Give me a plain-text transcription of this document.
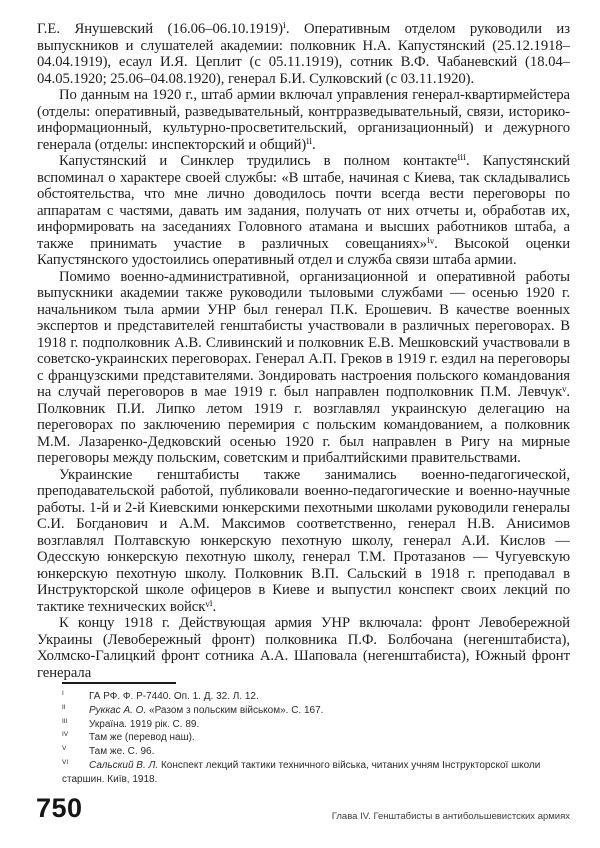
Г.Е. Янушевский (16.06–06.10.1919)ⁱ. Оперативным отделом руководили из выпускников и слушателей академии: полковник Н.А. Капустянский (25.12.1918–04.04.1919), есаул И.Я. Цеплит (с 05.11.1919), сотник В.Ф. Чабаневский (18.04–04.05.1920; 25.06–04.08.1920), генерал Б.И. Сулковский (с 03.11.1920).

По данным на 1920 г., штаб армии включал управления генерал-квартирмейстера (отделы: оперативный, разведывательный, контрразведывательный, связи, историко-информационный, культурно-просветительский, организационный) и дежурного генерала (отделы: инспекторский и общий)ⁱⁱ.

Капустянский и Синклер трудились в полном контактеⁱⁱⁱ. Капустянский вспоминал о характере своей службы: «В штабе, начиная с Киева, так складывались обстоятельства, что мне лично доводилось почти всегда вести переговоры по аппаратам с частями, давать им задания, получать от них отчеты и, обработав их, информировать на заседаниях Головного атамана и высших работников штаба, а также принимать участие в различных совещаниях»ⁱᵛ. Высокой оценки Капустянского удостоились оперативный отдел и служба связи штаба армии.

Помимо военно-административной, организационной и оперативной работы выпускники академии также руководили тыловыми службами — осенью 1920 г. начальником тыла армии УНР был генерал П.К. Ерошевич. В качестве военных экспертов и представителей генштабисты участвовали в различных переговорах. В 1918 г. подполковник А.В. Сливинский и полковник Е.В. Мешковский участвовали в советско-украинских переговорах. Генерал А.П. Греков в 1919 г. ездил на переговоры с французскими представителями. Зондировать настроения польского командования на случай переговоров в мае 1919 г. был направлен подполковник П.М. Левчукᵛ. Полковник П.И. Липко летом 1919 г. возглавлял украинскую делегацию на переговорах по заключению перемирия с польским командованием, а полковник М.М. Лазаренко-Дедковский осенью 1920 г. был направлен в Ригу на мирные переговоры между польским, советским и прибалтийскими правительствами.

Украинские генштабисты также занимались военно-педагогической, преподавательской работой, публиковали военно-педагогические и военно-научные работы. 1-й и 2-й Киевскими юнкерскими пехотными школами руководили генералы С.И. Богданович и А.М. Максимов соответственно, генерал Н.В. Анисимов возглавлял Полтавскую юнкерскую пехотную школу, генерал А.И. Кислов — Одесскую юнкерскую пехотную школу, генерал Т.М. Протазанов — Чугуевскую юнкерскую пехотную школу. Полковник В.П. Сальский в 1918 г. преподавал в Инструкторской школе офицеров в Киеве и выпустил конспект своих лекций по тактике технических войскᵛⁱ.

К концу 1918 г. Действующая армия УНР включала: фронт Левобережной Украины (Левобережный фронт) полковника П.Ф. Болбочана (негенштабиста), Холмско-Галицкий фронт сотника А.А. Шаповала (негенштабиста), Южный фронт генерала

$^I$	ГА РФ. Ф. Р-7440. Оп. 1. Д. 32. Л. 12.

$^{II}$ Руккас А. О. «Разом з польским військом». С. 167.

$^{III}$ Україна. 1919 рік. С. 89.

$^{IV}$ Там же (перевод наш).

$^V$ Там же. С. 96.

$^{VI}$ Сальский В. Л. Конспект лекций тактики техничного війська, читаних учням Інструкторскої школи старшин. Київ, 1918.

750	Глава IV. Генштабисты в антибольшевистских армиях
